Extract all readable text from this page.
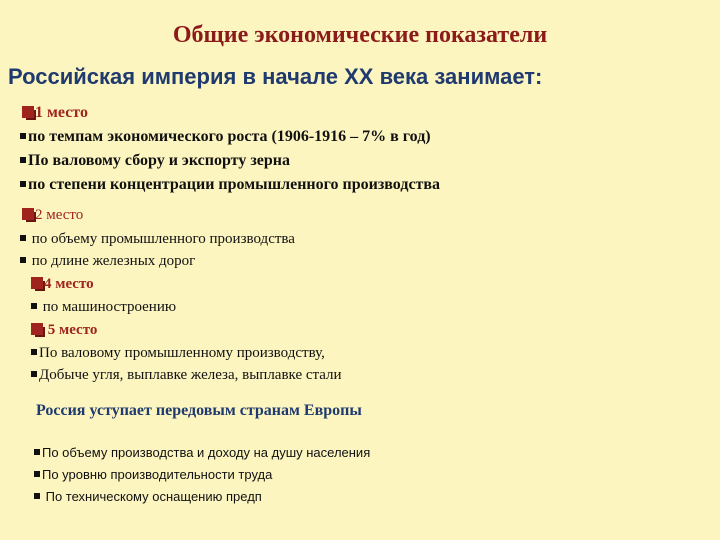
Общие экономические показатели
Российская империя в начале XX века занимает:
1 место
по темпам экономического роста (1906-1916 – 7% в год)
По валовому сбору и экспорту зерна
по степени концентрации промышленного производства
2 место
по объему промышленного производства
по длине железных дорог
4 место
по машиностроению
5 место
По валовому промышленному производству,
Добыче угля, выплавке железа, выплавке стали
Россия уступает передовым странам Европы
По объему производства и доходу на душу населения
По уровню производительности труда
По техническому оснащению предп
